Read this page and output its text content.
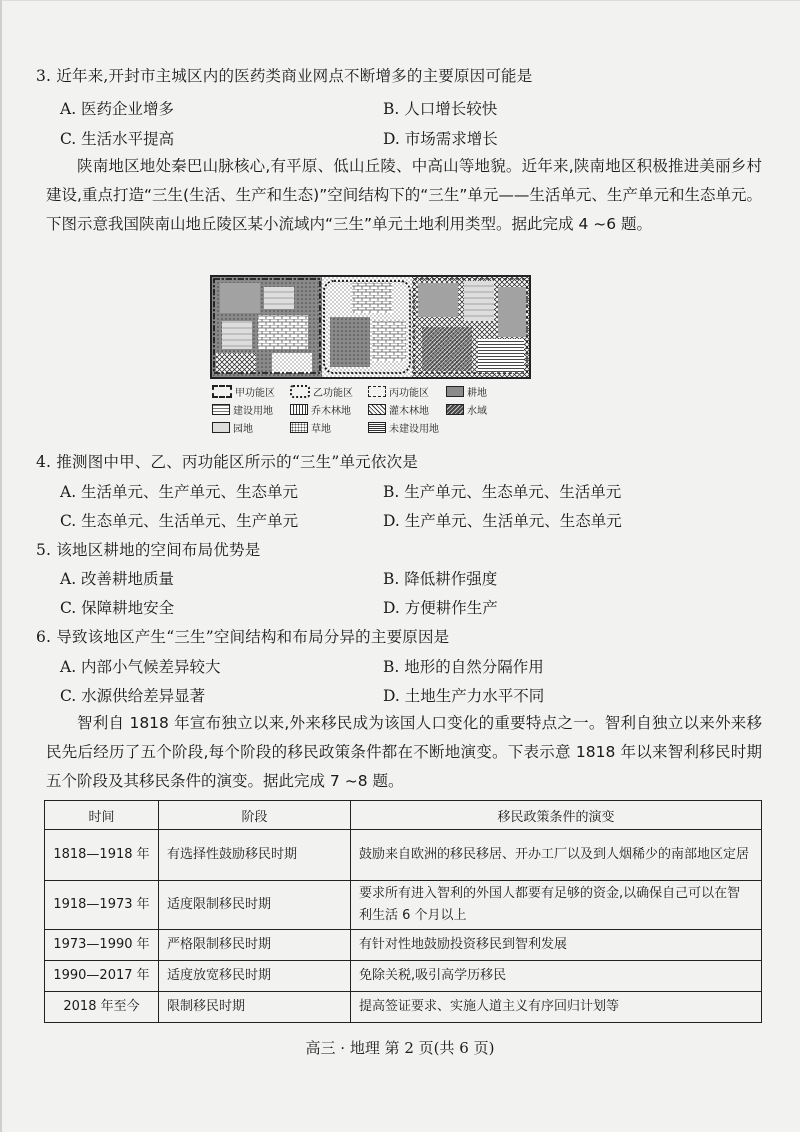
3. 近年来,开封市主城区内的医药类商业网点不断增多的主要原因可能是
A. 医药企业增多	B. 人口增长较快
C. 生活水平提高	D. 市场需求增长
陕南地区地处秦巴山脉核心,有平原、低山丘陵、中高山等地貌。近年来,陕南地区积极推进美丽乡村建设,重点打造“三生(生活、生产和生态)”空间结构下的“三生”单元——生活单元、生产单元和生态单元。下图示意我国陕南山地丘陵区某小流域内“三生”单元土地利用类型。据此完成 4 ~6 题。
甲功能区	乙功能区	丙功能区	耕地
建设用地	乔木林地	灌木林地	水域
园地	草地	未建设用地
4. 推测图中甲、乙、丙功能区所示的“三生”单元依次是
A. 生活单元、生产单元、生态单元	B. 生产单元、生态单元、生活单元
C. 生态单元、生活单元、生产单元	D. 生产单元、生活单元、生态单元
5. 该地区耕地的空间布局优势是
A. 改善耕地质量	B. 降低耕作强度
C. 保障耕地安全	D. 方便耕作生产
6. 导致该地区产生“三生”空间结构和布局分异的主要原因是
A. 内部小气候差异较大	B. 地形的自然分隔作用
C. 水源供给差异显著	D. 土地生产力水平不同
智利自 1818 年宣布独立以来,外来移民成为该国人口变化的重要特点之一。智利自独立以来外来移民先后经历了五个阶段,每个阶段的移民政策条件都在不断地演变。下表示意 1818 年以来智利移民时期五个阶段及其移民条件的演变。据此完成 7 ~8 题。
时间	阶段	移民政策条件的演变
1818—1918 年	有选择性鼓励移民时期	鼓励来自欧洲的移民移居、开办工厂以及到人烟稀少的南部地区定居
1918—1973 年	适度限制移民时期	要求所有进入智利的外国人都要有足够的资金,以确保自己可以在智利生活 6 个月以上
1973—1990 年	严格限制移民时期	有针对性地鼓励投资移民到智利发展
1990—2017 年	适度放宽移民时期	免除关税,吸引高学历移民
2018 年至今	限制移民时期	提高签证要求、实施人道主义有序回归计划等
高三 · 地理 第 2 页(共 6 页)
